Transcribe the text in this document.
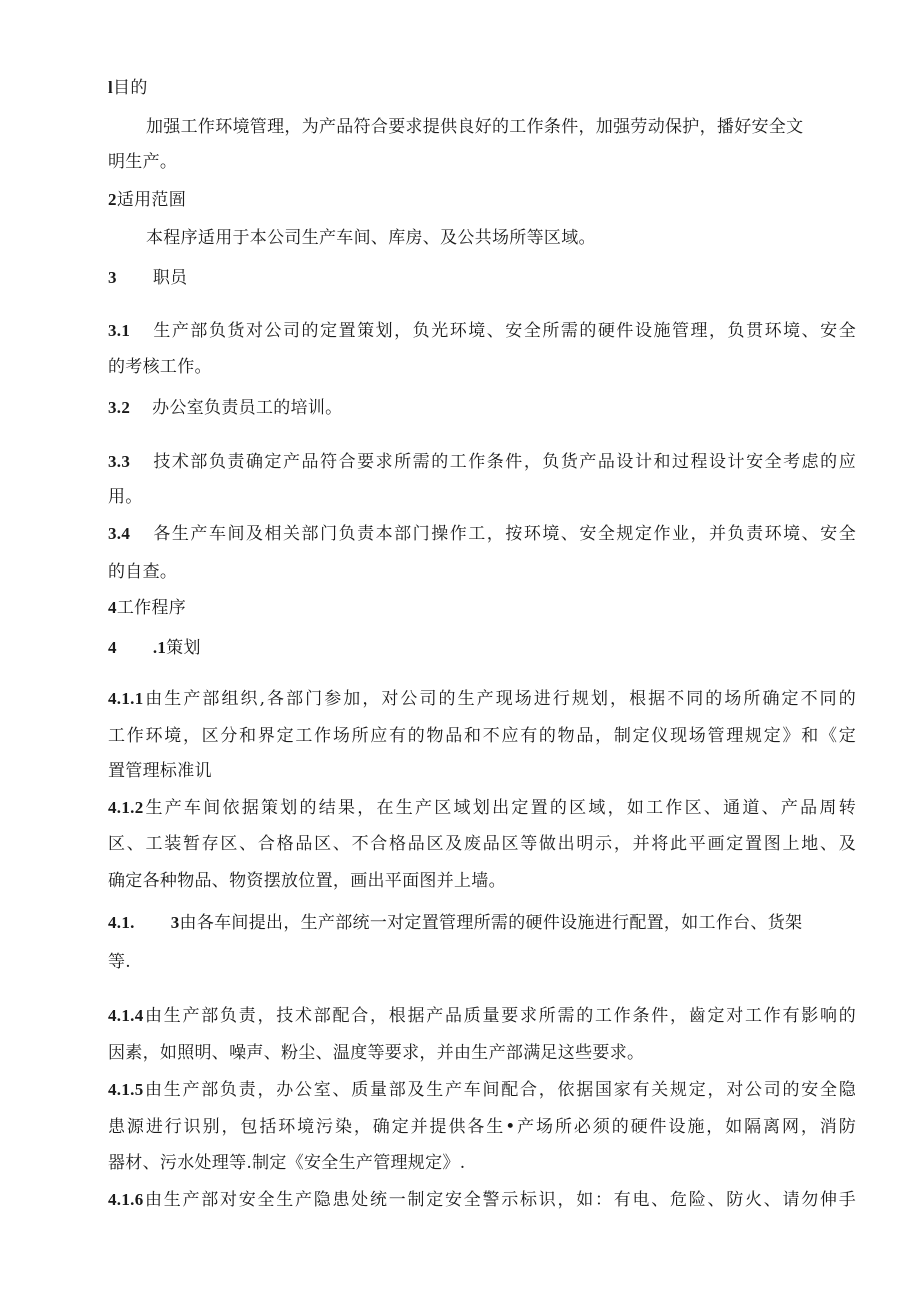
l目的
加强工作环境管理，为产品符合要求提供良好的工作条件，加强劳动保护，播好安全文
明生产。
2适用范圄
本程序适用于本公司生产车间、库房、及公共场所等区域。
3 职员
3.1 生产部负货对公司的定置策划，负光环境、安全所需的硬件设施管理，负贯环境、安全
的考核工作。
3.2 办公室负责员工的培训。
3.3 技术部负责确定产品符合要求所需的工作条件，负货产品设计和过程设计安全考虑的应
用。
3.4 各生产车间及相关部门负责本部门操作工，按环境、安全规定作业，并负责环境、安全
的自查。
4工作程序
4 .1策划
4.1.1由生产部组织,各部门参加，对公司的生产现场进行规划，根据不同的场所确定不同的
工作环境，区分和界定工作场所应有的物品和不应有的物品，制定仪现场管理规定》和《定
置管理标准讥
4.1.2生产车间依据策划的结果，在生产区域划出定置的区域，如工作区、通道、产品周转
区、工装暂存区、合格品区、不合格品区及废品区等做出明示，并将此平画定置图上地、及
确定各种物品、物资摆放位置，画出平面图并上墙。
4.1. 3由各车间提出，生产部统一对定置管理所需的硬件设施进行配置，如工作台、货架
等.
4.1.4由生产部负责，技术部配合，根据产品质量要求所需的工作条件，齒定对工作有影响的
因素，如照明、噪声、粉尘、温度等要求，并由生产部满足这些要求。
4.1.5由生产部负责，办公室、质量部及生产车间配合，依据国家有关规定，对公司的安全隐
患源进行识别，包括环境污染，确定并提供各生•产场所必须的硬件设施，如隔离网，消防
器材、污水处理等.制定《安全生产管理规定》.
4.1.6由生产部对安全生产隐患处统一制定安全警示标识，如：有电、危险、防火、请勿伸手
